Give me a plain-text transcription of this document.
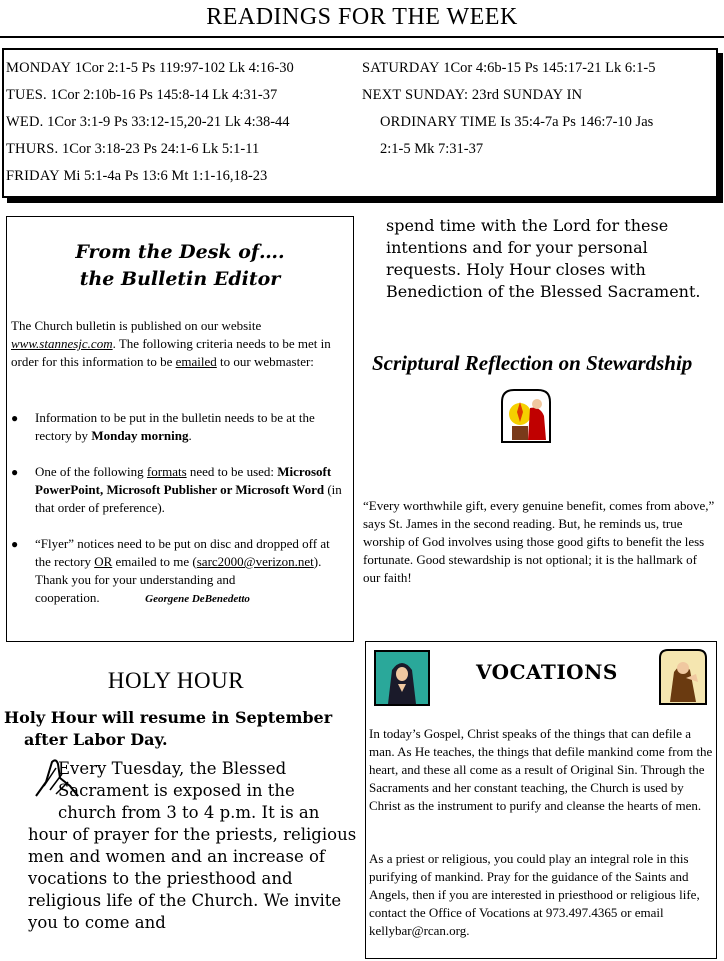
READINGS FOR THE WEEK
MONDAY 1Cor 2:1-5 Ps 119:97-102 Lk 4:16-30
TUES. 1Cor 2:10b-16 Ps 145:8-14 Lk 4:31-37
WED. 1Cor 3:1-9 Ps 33:12-15,20-21 Lk 4:38-44
THURS. 1Cor 3:18-23 Ps 24:1-6 Lk 5:1-11
FRIDAY Mi 5:1-4a Ps 13:6 Mt 1:1-16,18-23
SATURDAY 1Cor 4:6b-15 Ps 145:17-21 Lk 6:1-5
NEXT SUNDAY: 23rd SUNDAY IN
ORDINARY TIME Is 35:4-7a Ps 146:7-10 Jas
2:1-5 Mk 7:31-37
From the Desk of….
the Bulletin Editor
The Church bulletin is published on our website www.stannesjc.com. The following criteria needs to be met in order for this information to be emailed to our webmaster:
● Information to be put in the bulletin needs to be at the rectory by Monday morning.
● One of the following formats need to be used: Microsoft PowerPoint, Microsoft Publisher or Microsoft Word (in that order of preference).
● “Flyer” notices need to be put on disc and dropped off at the rectory OR emailed to me (sarc2000@verizon.net).
Thank you for your understanding and cooperation.	Georgene DeBenedetto
spend time with the Lord for these intentions and for your personal requests. Holy Hour closes with Benediction of the Blessed Sacrament.
Scriptural Reflection on Stewardship
“Every worthwhile gift, every genuine benefit, comes from above,” says St. James in the second reading. But, he reminds us, true worship of God involves using those good gifts to benefit the less fortunate. Good stewardship is not optional; it is the hallmark of our faith!
HOLY HOUR
Holy Hour will resume in September after Labor Day.
Every Tuesday, the Blessed Sacrament is exposed in the church from 3 to 4 p.m. It is an hour of prayer for the priests, religious men and women and an increase of vocations to the priesthood and religious life of the Church. We invite you to come and
VOCATIONS
In today’s Gospel, Christ speaks of the things that can defile a man. As He teaches, the things that defile mankind come from the heart, and these all come as a result of Original Sin. Through the Sacraments and her constant teaching, the Church is used by Christ as the instrument to purify and cleanse the hearts of men.
As a priest or religious, you could play an integral role in this purifying of mankind. Pray for the guidance of the Saints and Angels, then if you are interested in priesthood or religious life, contact the Office of Vocations at 973.497.4365 or email kellybar@rcan.org.
